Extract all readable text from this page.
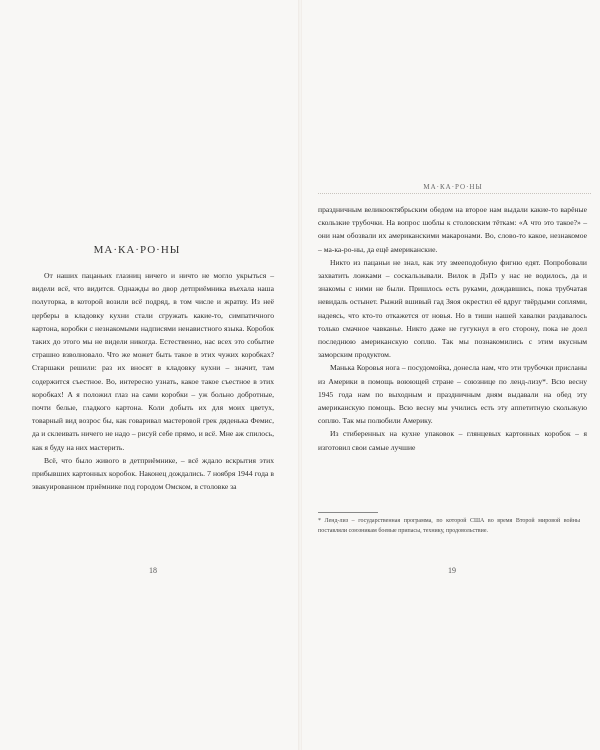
МА·КА·РО·НЫ

От наших пацаньих глазниц ничего и ничто не могло укрыться – видели всё, что видится. Однажды во двор детприёмника въехала наша полуторка, в которой возили всё подряд, в том числе и жратву. Из неё церберы в кладовку кухни стали сгружать какие-то, симпатичного картона, коробки с незнакомыми надписями ненавистного языка. Коробок таких до этого мы не видели никогда. Естественно, нас всех это событие страшно взволновало. Что же может быть такое в этих чужих коробках? Старшаки решили: раз их вносят в кладовку кухни – значит, там содержится съестное. Во, интересно узнать, какое такое съестное в этих коробках! А я положил глаз на сами коробки – уж больно добротные, почти белые, гладкого картона. Коли добыть их для моих цветух, товарный вид возрос бы, как говаривал мастеровой грек дяденька Фемис, да и склеивать ничего не надо – рисуй себе прямо, и всё. Мне аж спилось, как я буду на них мастерить.

Всё, что было живого в детприёмнике, – всё ждало вскрытия этих прибывших картонных коробок. Наконец дождались. 7 ноября 1944 года в эвакуированном приёмнике под городом Омском, в столовке за

18
МА·КА·РО·НЫ

праздничным великооктябрьским обедом на второе нам выдали какие-то варёные скользкие трубочки. На вопрос шоблы к столовским тёткам: «А что это такое?» – они нам обозвали их американскими макаронами. Во, слово-то какое, незнакомое – ма-ка-ро-ны, да ещё американские.

Никто из пацаньи не знал, как эту змееподобную фигню едят. Попробовали захватить ложками – соскальзывали. Вилок в ДэПэ у нас не водилось, да и знакомы с ними не были. Пришлось есть руками, дождавшись, пока трубчатая невидаль остынет. Рыжий вшивый гад Зяоя окрестил её вдруг твёрдыми соплями, надеясь, что кто-то откажется от новья. Но в тиши нашей хавалки раздавалось только смачное чавканье. Никто даже не гугукнул в его сторону, пока не доел последнюю американскую соплю. Так мы познакомились с этим вкусным заморским продуктом.

Манька Коровья нога – посудомойка, донесла нам, что эти трубочки присланы из Америки в помощь воюющей стране – союзнице по ленд-лизу*. Всю весну 1945 года нам по выходным и праздничным дням выдавали на обед эту американскую помощь. Всю весну мы учились есть эту аппетитную скользкую соплю. Так мы полюбили Америку.

Из стиберенных на кухне упаковок – глянцевых картонных коробок – я изготовил свои самые лучшие

* Ленд-лиз – государственная программа, по которой США во время Второй мировой войны поставляли союзникам боевые припасы, технику, продовольствие.
19
